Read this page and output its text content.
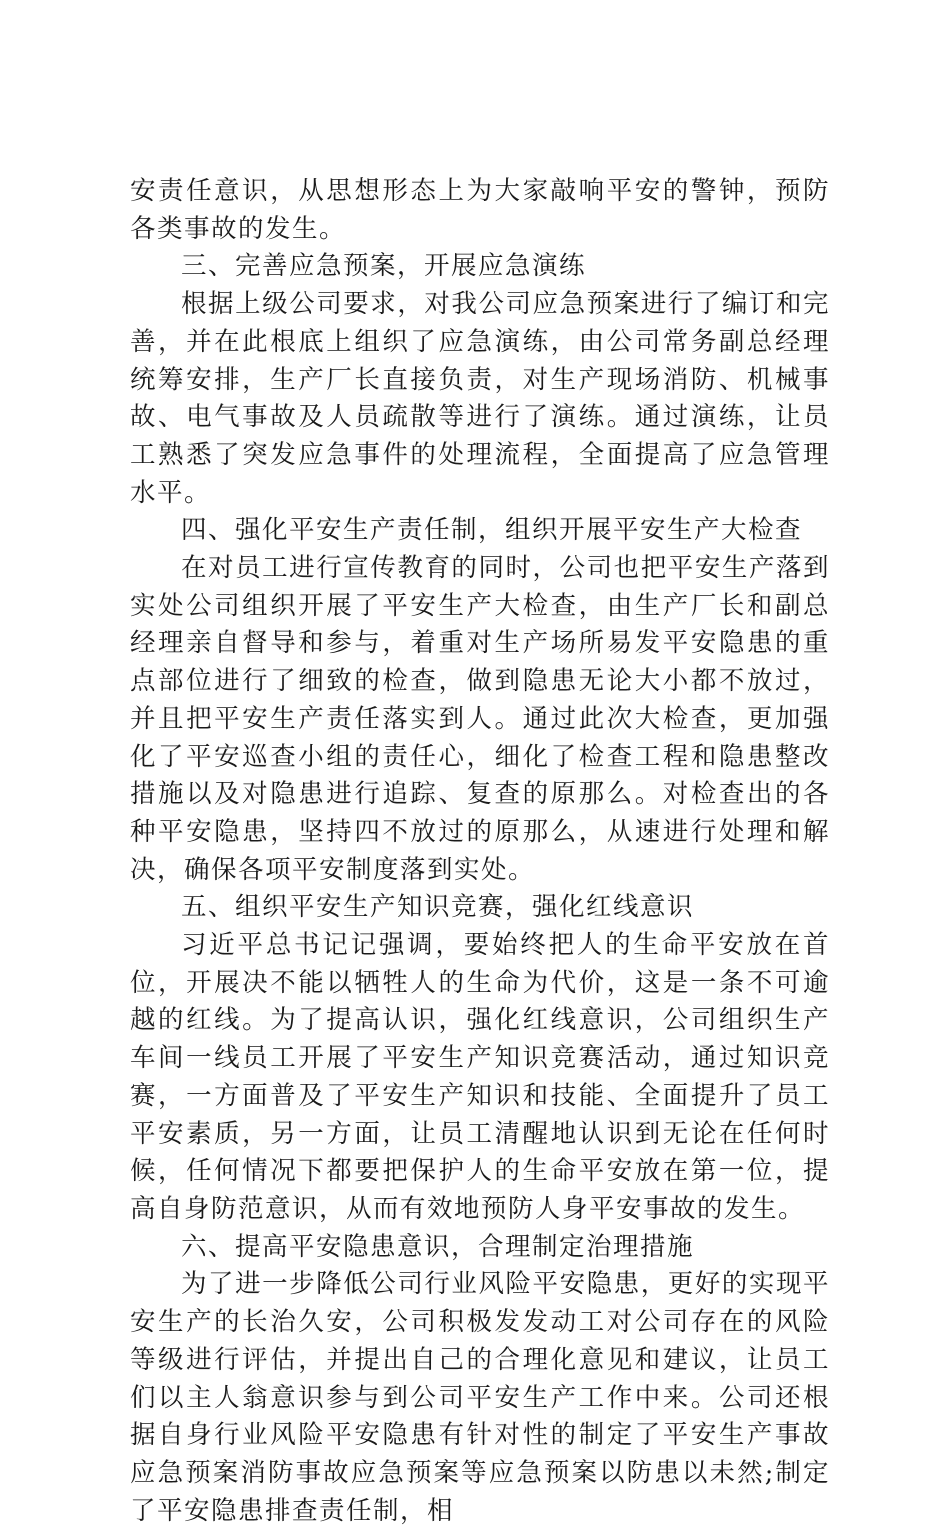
安责任意识，从思想形态上为大家敲响平安的警钟，预防各类事故的发生。

三、完善应急预案，开展应急演练

根据上级公司要求，对我公司应急预案进行了编订和完善，并在此根底上组织了应急演练，由公司常务副总经理统筹安排，生产厂长直接负责，对生产现场消防、机械事故、电气事故及人员疏散等进行了演练。通过演练，让员工熟悉了突发应急事件的处理流程，全面提高了应急管理水平。

四、强化平安生产责任制，组织开展平安生产大检查

在对员工进行宣传教育的同时，公司也把平安生产落到实处公司组织开展了平安生产大检查，由生产厂长和副总经理亲自督导和参与，着重对生产场所易发平安隐患的重点部位进行了细致的检查，做到隐患无论大小都不放过，并且把平安生产责任落实到人。通过此次大检查，更加强化了平安巡查小组的责任心，细化了检查工程和隐患整改措施以及对隐患进行追踪、复查的原那么。对检查出的各种平安隐患，坚持四不放过的原那么，从速进行处理和解决，确保各项平安制度落到实处。

五、组织平安生产知识竞赛，强化红线意识

习近平总书记记强调，要始终把人的生命平安放在首位，开展决不能以牺牲人的生命为代价，这是一条不可逾越的红线。为了提高认识，强化红线意识，公司组织生产车间一线员工开展了平安生产知识竞赛活动，通过知识竞赛，一方面普及了平安生产知识和技能、全面提升了员工平安素质，另一方面，让员工清醒地认识到无论在任何时候，任何情况下都要把保护人的生命平安放在第一位，提高自身防范意识，从而有效地预防人身平安事故的发生。

六、提高平安隐患意识，合理制定治理措施

为了进一步降低公司行业风险平安隐患，更好的实现平安生产的长治久安，公司积极发发动工对公司存在的风险等级进行评估，并提出自己的合理化意见和建议，让员工们以主人翁意识参与到公司平安生产工作中来。公司还根据自身行业风险平安隐患有针对性的制定了平安生产事故应急预案消防事故应急预案等应急预案以防患以未然;制定了平安隐患排查责任制，相
